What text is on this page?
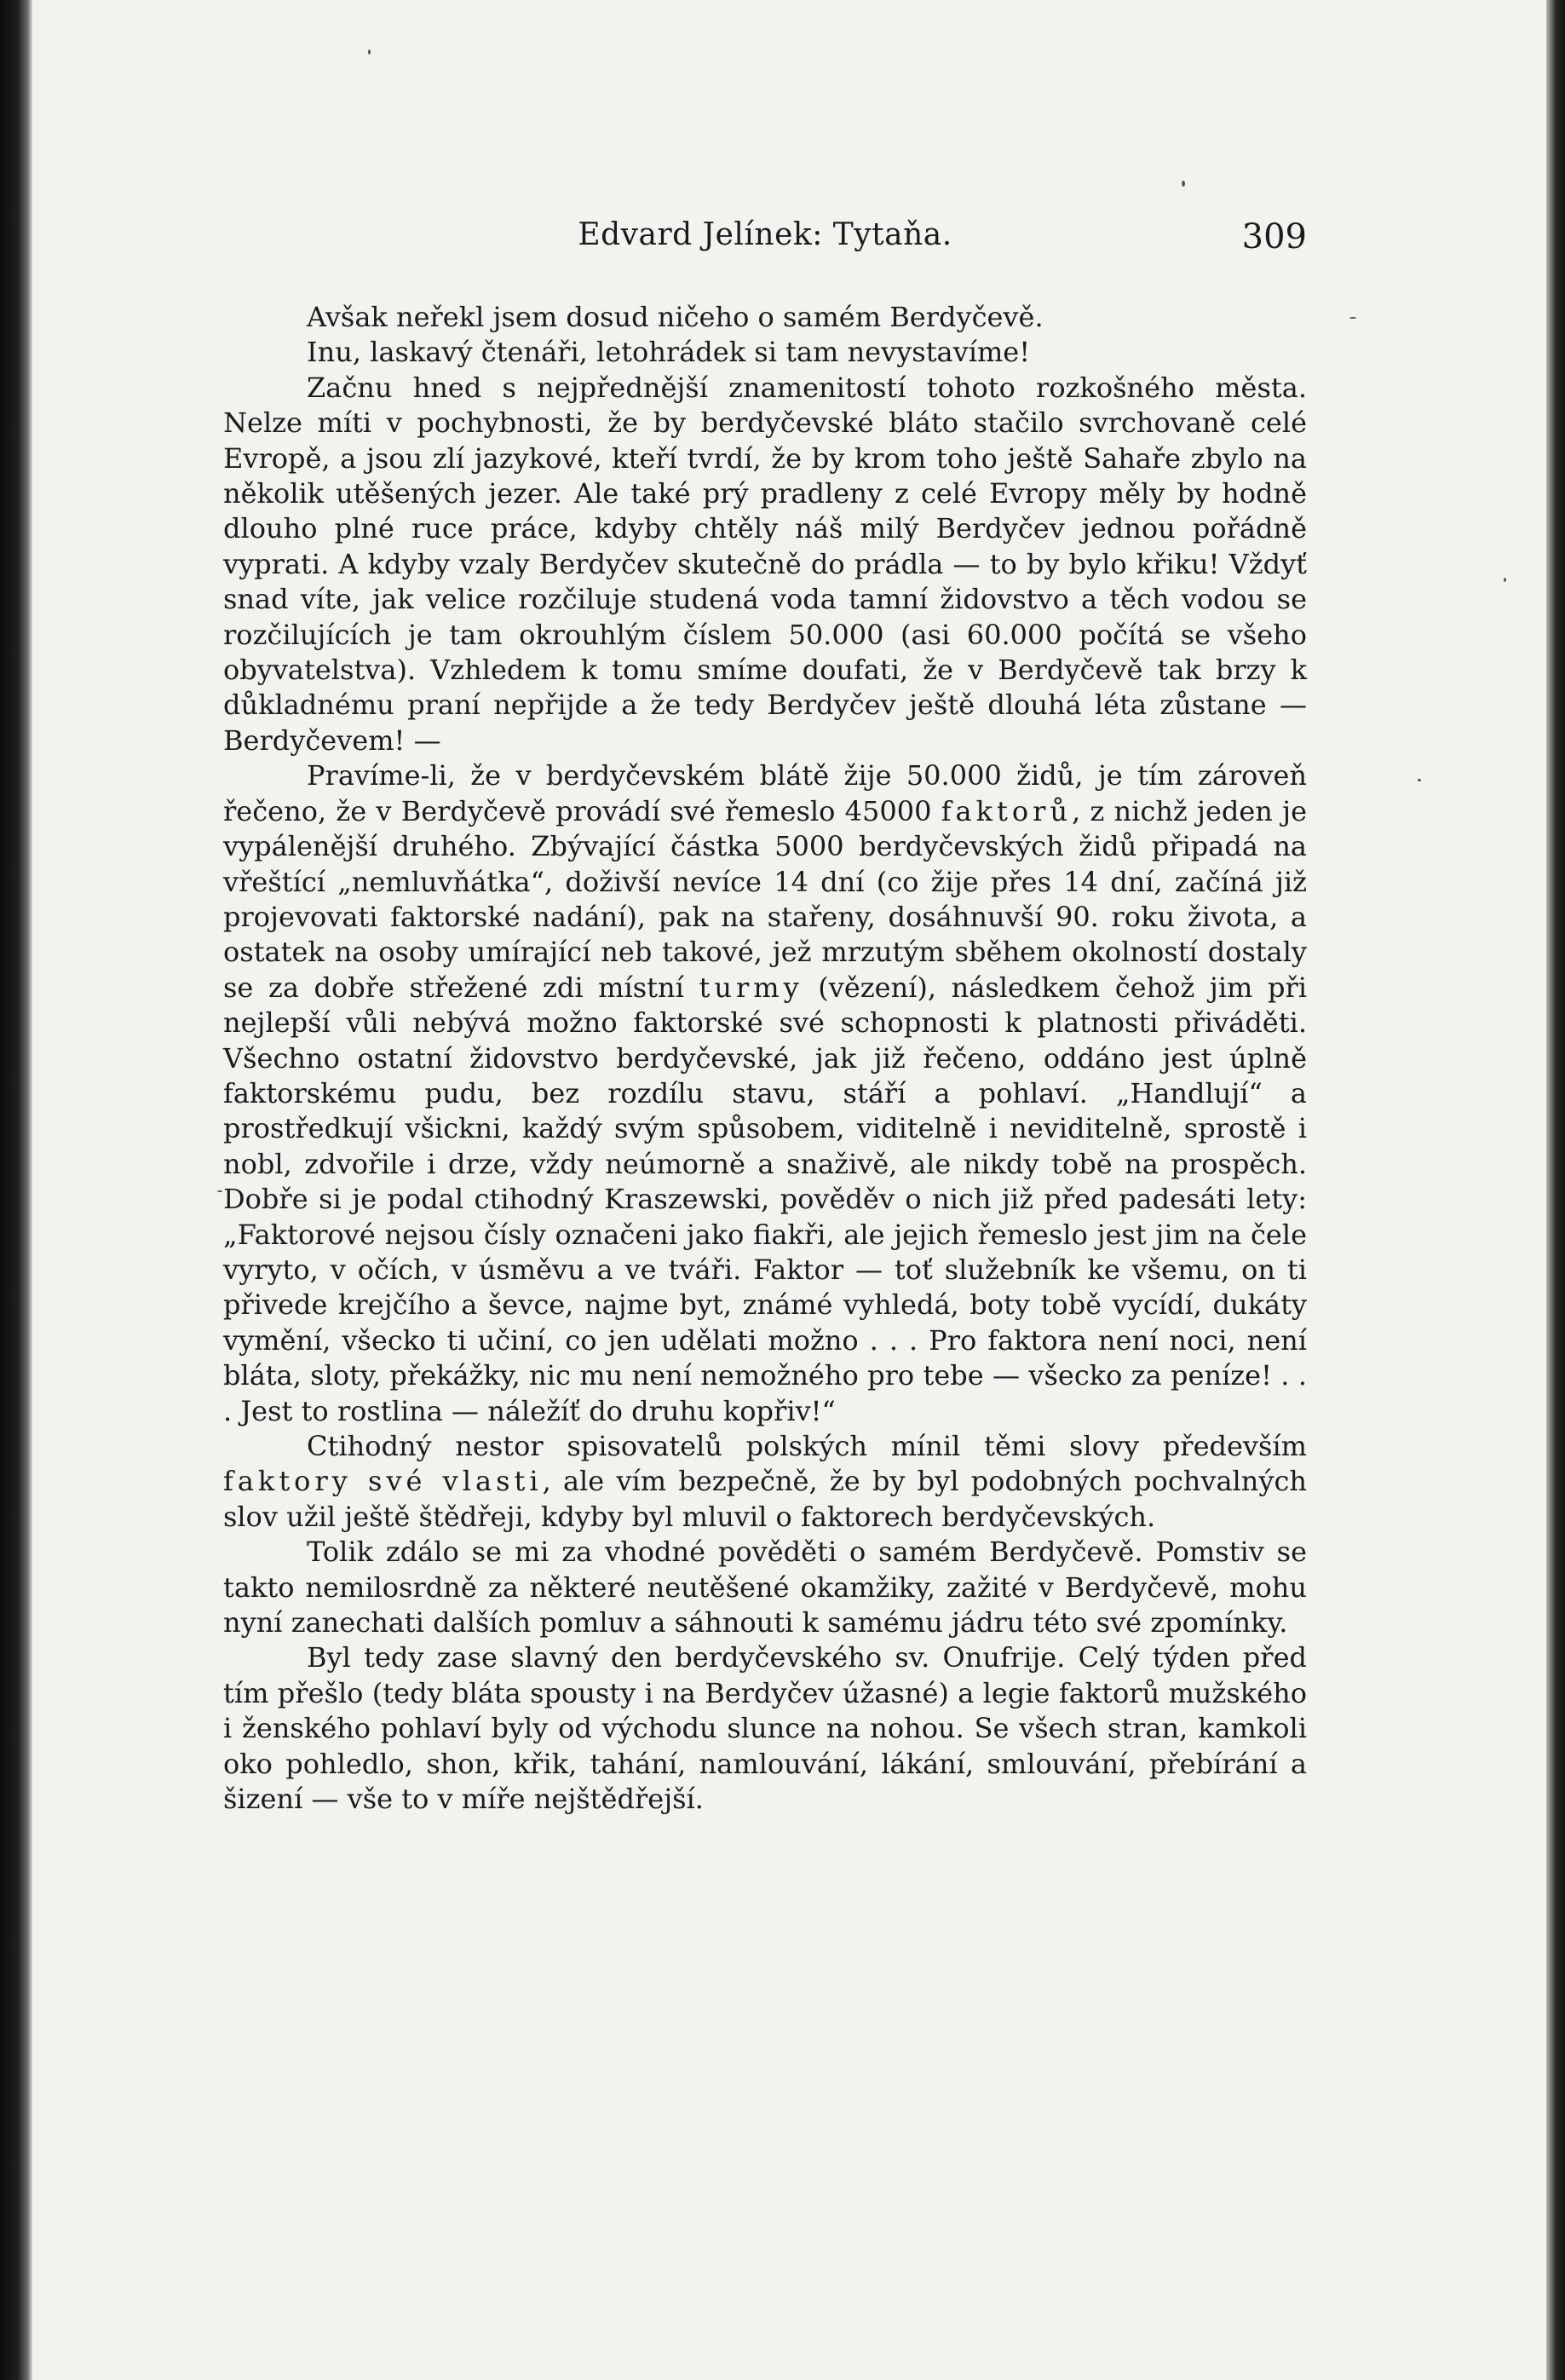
Edvard Jelínek: Tytaňa.	309

Avšak neřekl jsem dosud ničeho o samém Berdyčevě.

Inu, laskavý čtenáři, letohrádek si tam nevystavíme!

Začnu hned s nejpřednější znamenitostí tohoto rozkošného města. Nelze míti v pochybnosti, že by berdyčevské bláto stačilo svrchovaně celé Evropě, a jsou zlí jazykové, kteří tvrdí, že by krom toho ještě Sahaře zbylo na několik utěšených jezer. Ale také prý pradleny z celé Evropy měly by hodně dlouho plné ruce práce, kdyby chtěly náš milý Berdyčev jednou pořádně vyprati. A kdyby vzaly Berdyčev skutečně do prádla — to by bylo křiku! Vždyť snad víte, jak velice rozčiluje studená voda tamní židovstvo a těch vodou se rozčilujících je tam okrouhlým číslem 50.000 (asi 60.000 počítá se všeho obyvatelstva). Vzhledem k tomu smíme doufati, že v Berdyčevě tak brzy k důkladnému praní nepřijde a že tedy Berdyčev ještě dlouhá léta zůstane — Berdyčevem! —

Pravíme-li, že v berdyčevském blátě žije 50.000 židů, je tím zároveň řečeno, že v Berdyčevě provádí své řemeslo 45000 faktorů, z nichž jeden je vypálenější druhého. Zbývající částka 5000 berdyčevských židů připadá na vřeštící „nemluvňátka“, doživší nevíce 14 dní (co žije přes 14 dní, začíná již projevovati faktorské nadání), pak na stařeny, dosáhnuvší 90. roku života, a ostatek na osoby umírající neb takové, jež mrzutým sběhem okolností dostaly se za dobře střežené zdi místní turmy (vězení), následkem čehož jim při nejlepší vůli nebývá možno faktorské své schopnosti k platnosti přiváděti. Všechno ostatní židovstvo berdyčevské, jak již řečeno, oddáno jest úplně faktorskému pudu, bez rozdílu stavu, stáří a pohlaví. „Handlují“ a prostředkují všickni, každý svým spůsobem, viditelně i neviditelně, sprostě i nobl, zdvořile i drze, vždy neúmorně a snaživě, ale nikdy tobě na prospěch. Dobře si je podal ctihodný Kraszewski, pověděv o nich již před padesáti lety: „Faktorové nejsou čísly označeni jako fiakři, ale jejich řemeslo jest jim na čele vyryto, v očích, v úsměvu a ve tváři. Faktor — toť služebník ke všemu, on ti přivede krejčího a ševce, najme byt, známé vyhledá, boty tobě vycídí, dukáty vymění, všecko ti učiní, co jen udělati možno . . . Pro faktora není noci, není bláta, sloty, překážky, nic mu není nemožného pro tebe — všecko za peníze! . . . Jest to rostlina — náležíť do druhu kopřiv!“

Ctihodný nestor spisovatelů polských mínil těmi slovy především faktory své vlasti, ale vím bezpečně, že by byl podobných pochvalných slov užil ještě štědřeji, kdyby byl mluvil o faktorech berdyčevských.

Tolik zdálo se mi za vhodné pověděti o samém Berdyčevě. Pomstiv se takto nemilosrdně za některé neutěšené okamžiky, zažité v Berdyčevě, mohu nyní zanechati dalších pomluv a sáhnouti k samému jádru této své zpomínky.

Byl tedy zase slavný den berdyčevského sv. Onufrije. Celý týden před tím přešlo (tedy bláta spousty i na Berdyčev úžasné) a legie faktorů mužského i ženského pohlaví byly od východu slunce na nohou. Se všech stran, kamkoli oko pohledlo, shon, křik, tahání, namlouvání, lákání, smlouvání, přebírání a šizení — vše to v míře nejštědřejší.
